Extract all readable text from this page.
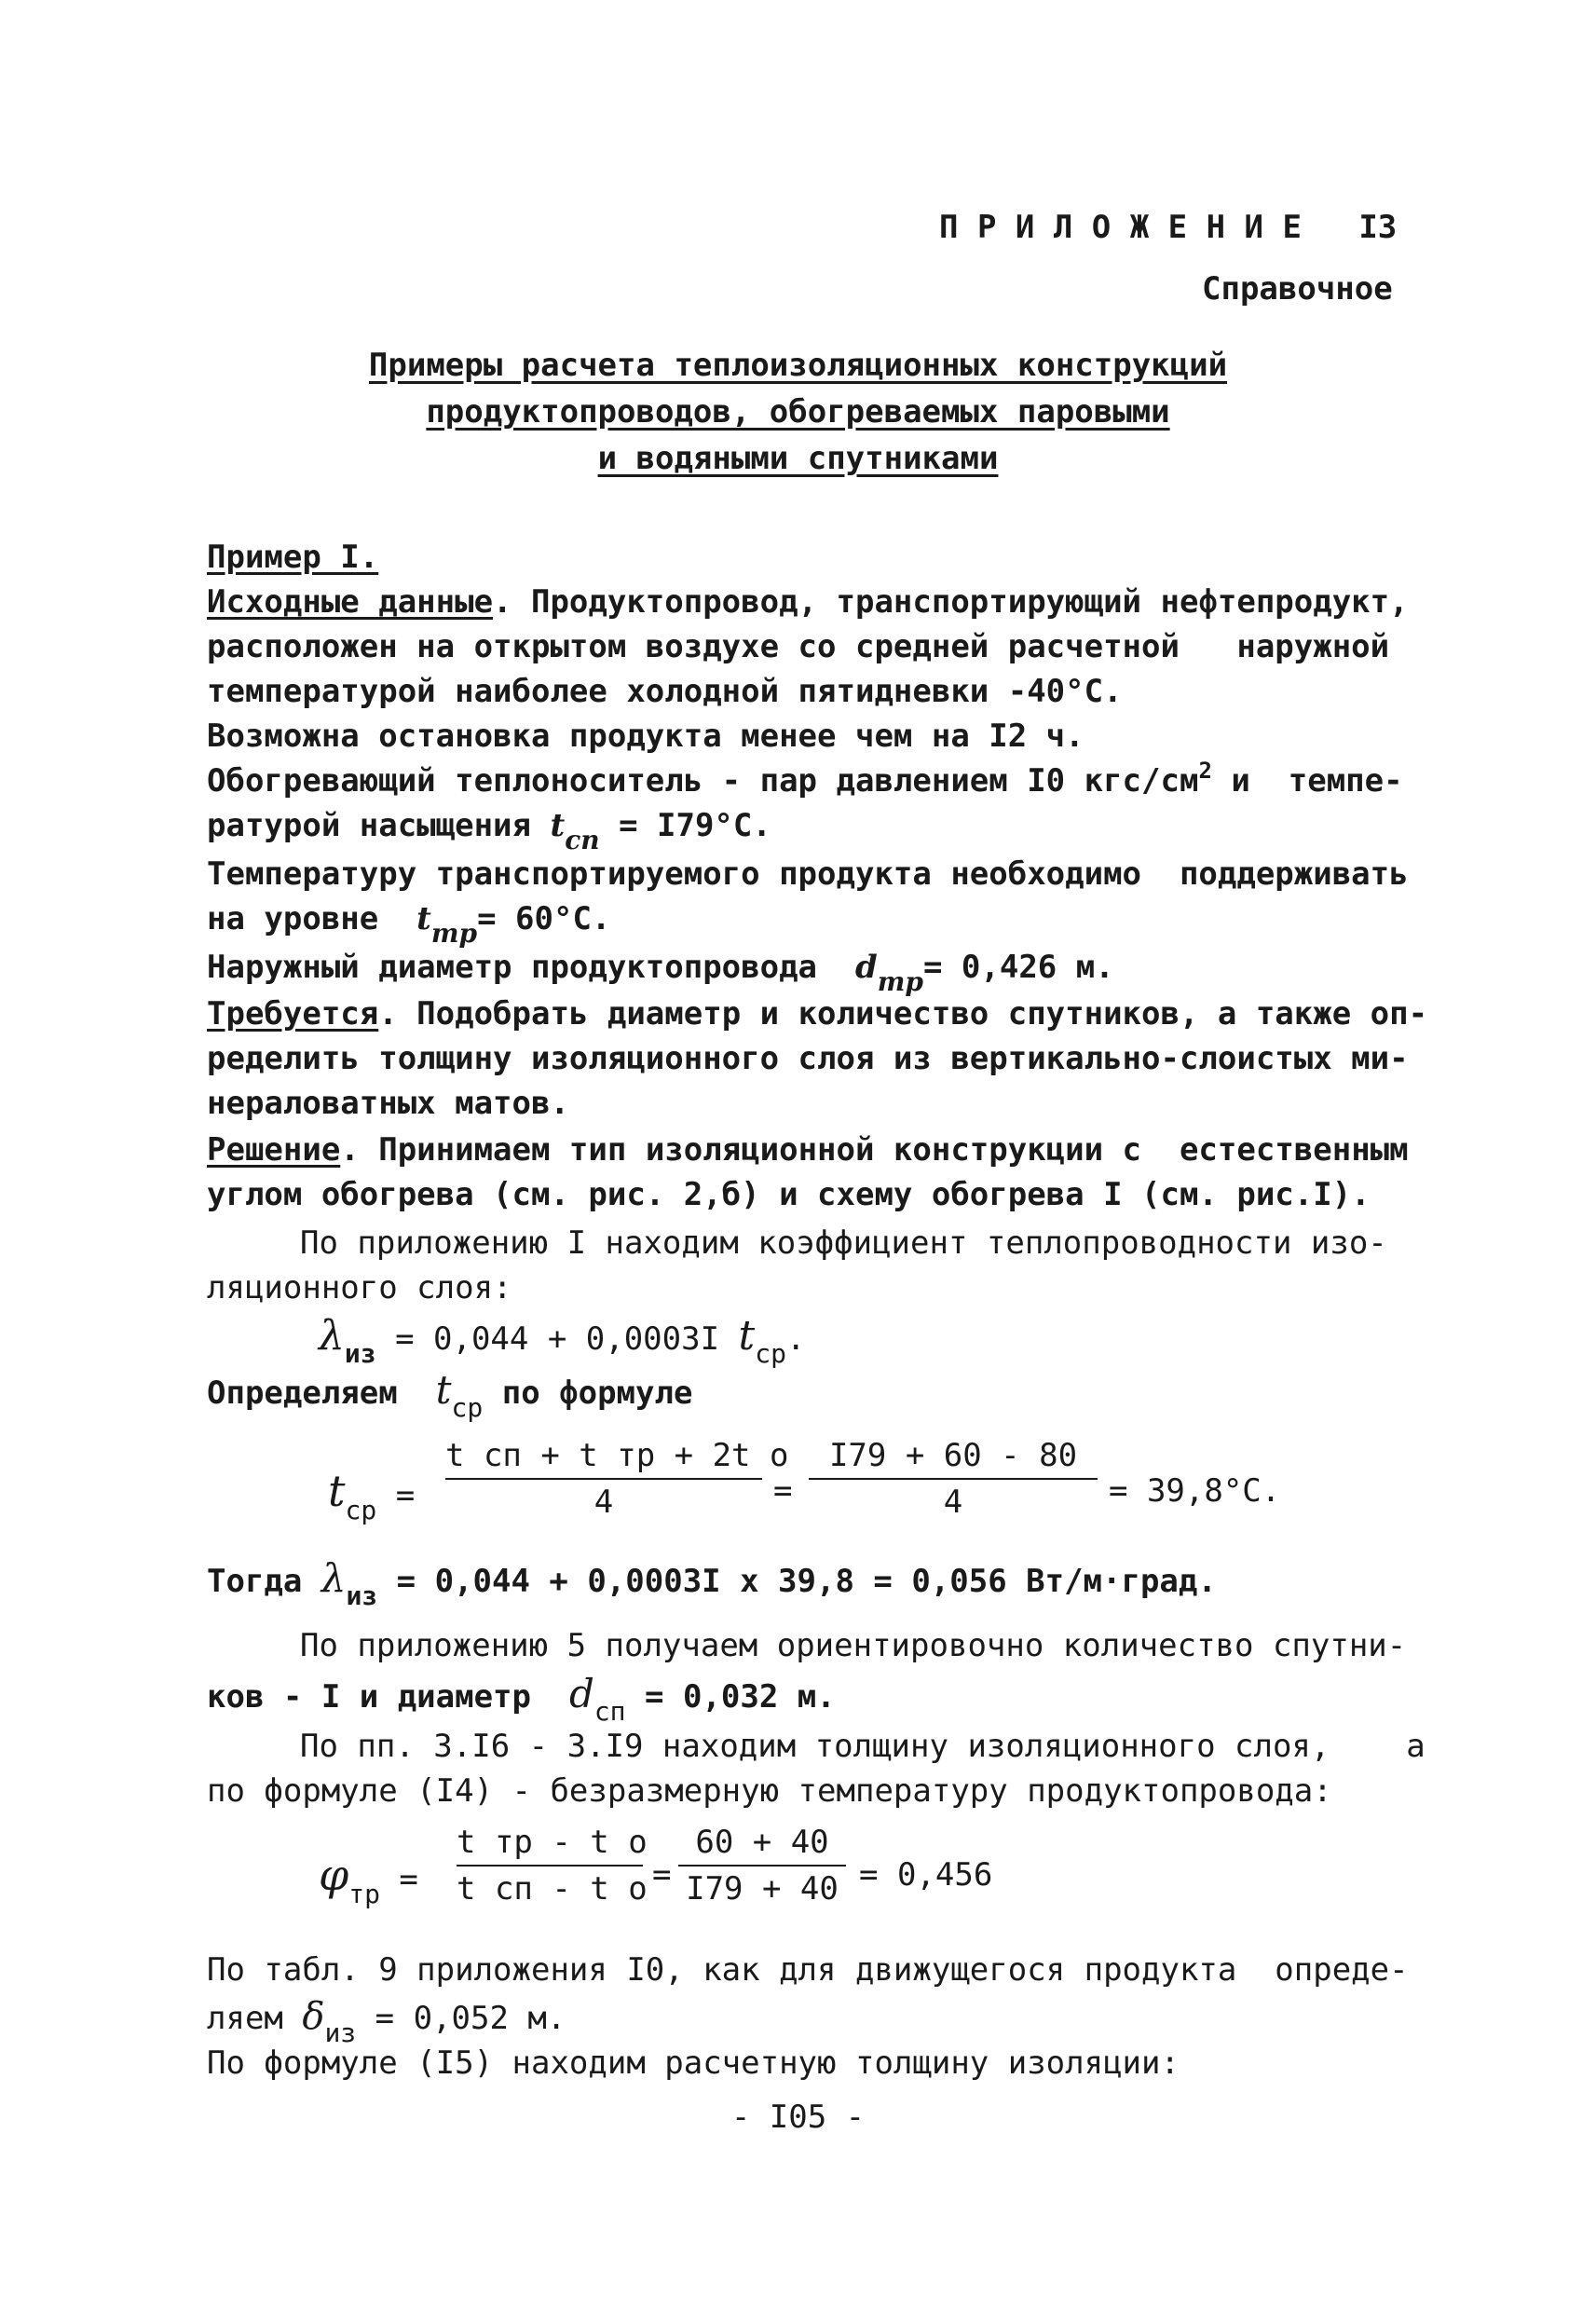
П Р И Л О Ж Е Н И Е   I3
Справочное
Примеры расчета теплоизоляционных конструкций
продуктопроводов, обогреваемых паровыми
и водяными спутниками
Пример I.
Исходные данные. Продуктопровод, транспортирующий нефтепродукт,
расположен на открытом воздухе со средней расчетной   наружной
температурой наиболее холодной пятидневки -40°C.
Возможна остановка продукта менее чем на I2 ч.
Обогревающий теплоноситель - пар давлением I0 кгс/$см^2$ и  темпе-
ратурой насыщения $t_{сп} = I79^\circ C$.
Температуру транспортируемого продукта необходимо  поддерживать
на уровне  $t_{тр}= 60^\circ C$.
Наружный диаметр продуктопровода  $d_{тр}= 0,426$ м.
Требуется. Подобрать диаметр и количество спутников, а также оп-
ределить толщину изоляционного слоя из вертикально-слоистых ми-
нераловатных матов.
Решение. Принимаем тип изоляционной конструкции с  естественным
углом обогрева (см. рис. 2,б) и схему обогрева I (см. рис.I).
По приложению I находим коэффициент теплопроводности изо-
ляционного слоя:
$\lambda_{из} = 0,044 + 0,0003I$ $t_{ср}$.
Определяем  $t_{ср}$ по формуле
$t_{ср}$ =
t сп + t тр + 2t о
4	=
I79 + 60 - 80
4	= 39,8°C.
Тогда $\lambda_{из} = 0,044 + 0,0003I$ x 39,8 = 0,056 Вт/м·град.
По приложению 5 получаем ориентировочно количество спутни-
ков - I и диаметр  $d_{сп} = 0,032$ м.
По пп. 3.I6 - 3.I9 находим толщину изоляционного слоя,    а
по формуле (I4) - безразмерную температуру продуктопровода:
$\varphi_{тр}$ =
t тр - t о
t сп - t о =
60 + 40
I79 + 40 = 0,456
По табл. 9 приложения I0, как для движущегося продукта  опреде-
ляем $\delta_{из} = 0,052$ м.
По формуле (I5) находим расчетную толщину изоляции:
- I05 -
